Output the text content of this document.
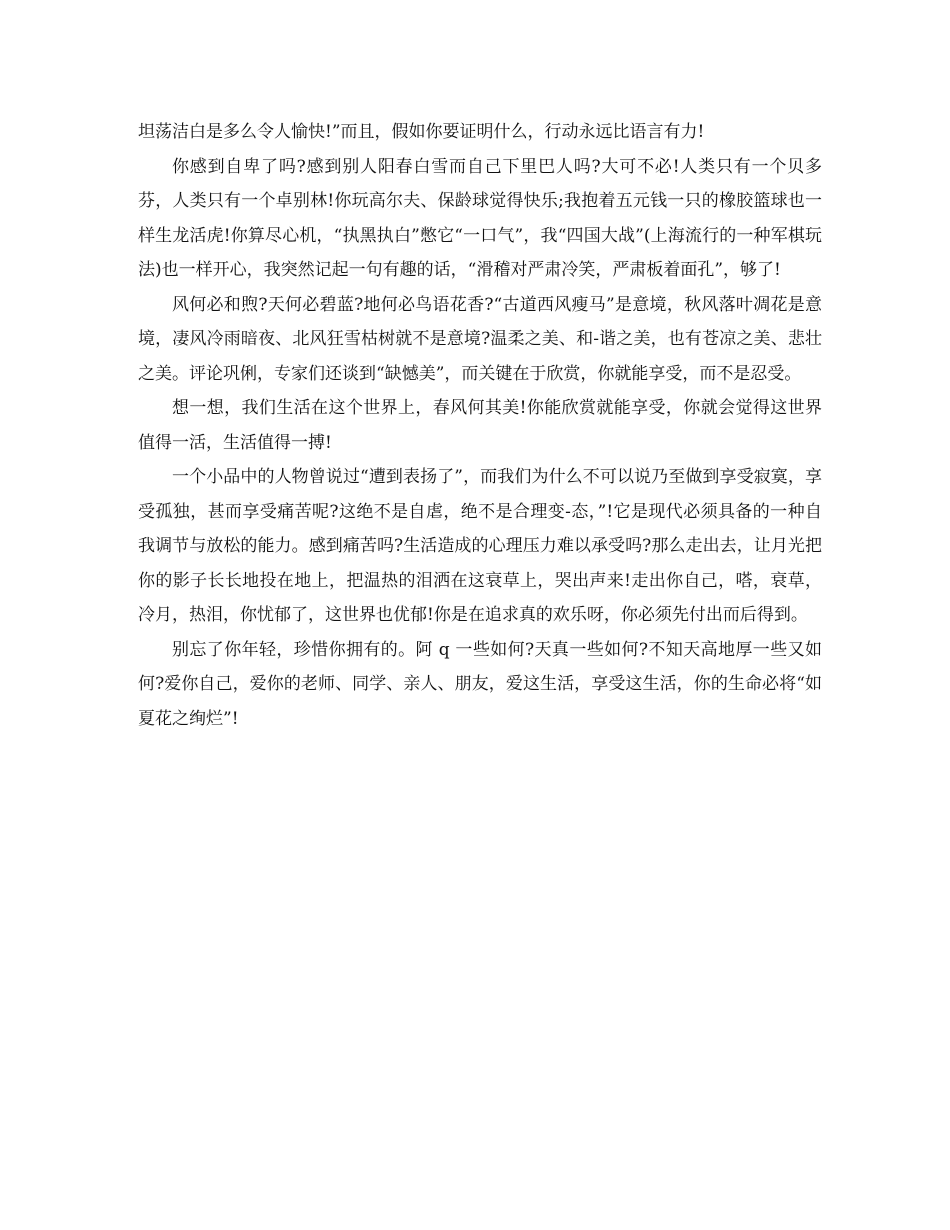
坦荡洁白是多么令人愉快!”而且，假如你要证明什么，行动永远比语言有力!

你感到自卑了吗?感到别人阳春白雪而自己下里巴人吗?大可不必!人类只有一个贝多芬，人类只有一个卓别林!你玩高尔夫、保龄球觉得快乐;我抱着五元钱一只的橡胶篮球也一样生龙活虎!你算尽心机，“执黑执白”憋它“一口气”，我“四国大战”(上海流行的一种军棋玩法)也一样开心，我突然记起一句有趣的话，“滑稽对严肃冷笑，严肃板着面孔”，够了!

风何必和煦?天何必碧蓝?地何必鸟语花香?“古道西风瘦马”是意境，秋风落叶凋花是意境，凄风冷雨暗夜、北风狂雪枯树就不是意境?温柔之美、和-谐之美，也有苍凉之美、悲壮之美。评论巩俐，专家们还谈到“缺憾美”，而关键在于欣赏，你就能享受，而不是忍受。

想一想，我们生活在这个世界上，春风何其美!你能欣赏就能享受，你就会觉得这世界值得一活，生活值得一搏!

一个小品中的人物曾说过“遭到表扬了”，而我们为什么不可以说乃至做到享受寂寞，享受孤独，甚而享受痛苦呢?这绝不是自虐，绝不是合理变-态，”!它是现代必须具备的一种自我调节与放松的能力。感到痛苦吗?生活造成的心理压力难以承受吗?那么走出去，让月光把你的影子长长地投在地上，把温热的泪洒在这衰草上，哭出声来!走出你自己，嗒，衰草，冷月，热泪，你忧郁了，这世界也优郁!你是在追求真的欢乐呀，你必须先付出而后得到。

别忘了你年轻，珍惜你拥有的。阿 q 一些如何?天真一些如何?不知天高地厚一些又如何?爱你自己，爱你的老师、同学、亲人、朋友，爱这生活，享受这生活，你的生命必将“如夏花之绚烂”!
